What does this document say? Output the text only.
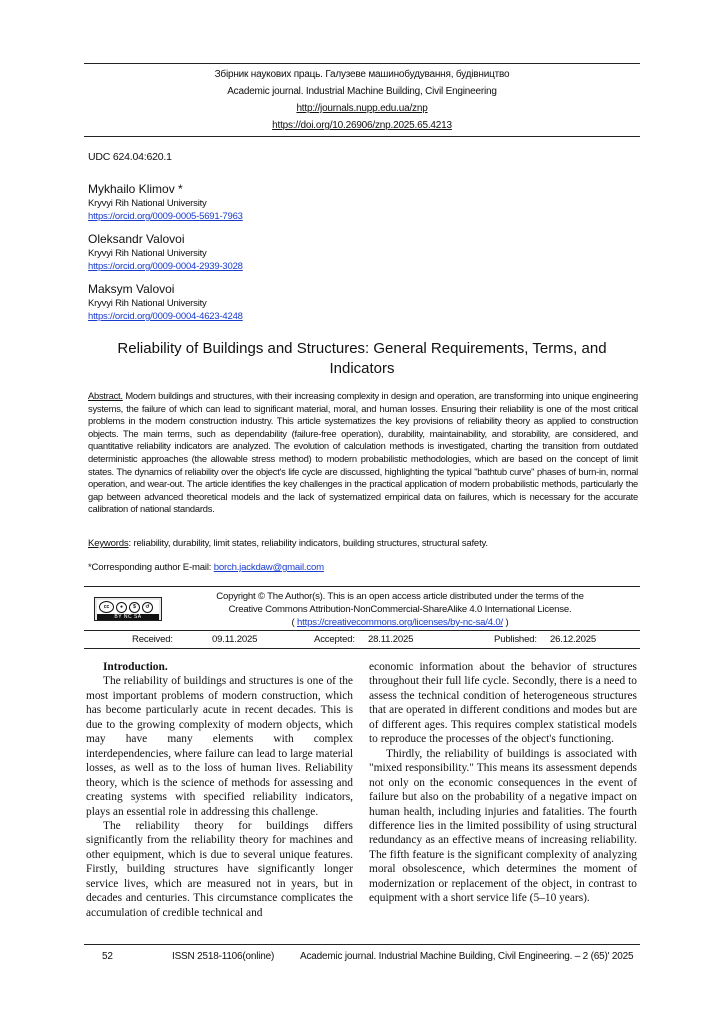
Збірник наукових праць. Галузеве машинобудування, будівництво
Academic journal. Industrial Machine Building, Civil Engineering
http://journals.nupp.edu.ua/znp
https://doi.org/10.26906/znp.2025.65.4213
UDC 624.04:620.1
Mykhailo Klimov *
Kryvyi Rih National University
https://orcid.org/0009-0005-5691-7963
Oleksandr Valovoi
Kryvyi Rih National University
https://orcid.org/0009-0004-2939-3028
Maksym Valovoi
Kryvyi Rih National University
https://orcid.org/0009-0004-4623-4248
Reliability of Buildings and Structures: General Requirements, Terms, and
Indicators
Abstract. Modern buildings and structures, with their increasing complexity in design and operation, are transforming into unique engineering systems, the failure of which can lead to significant material, moral, and human losses. Ensuring their reliability is one of the most critical problems in the modern construction industry. This article systematizes the key provisions of reliability theory as applied to construction objects. The main terms, such as dependability (failure-free operation), durability, maintainability, and storability, are considered, and quantitative reliability indicators are analyzed. The evolution of calculation methods is investigated, charting the transition from outdated deterministic approaches (the allowable stress method) to modern probabilistic methodologies, which are based on the concept of limit states. The dynamics of reliability over the object's life cycle are discussed, highlighting the typical "bathtub curve" phases of burn-in, normal operation, and wear-out. The article identifies the key challenges in the practical application of modern probabilistic methods, particularly the gap between advanced theoretical models and the lack of systematized empirical data on failures, which is necessary for the accurate calibration of national standards.
Keywords: reliability, durability, limit states, reliability indicators, building structures, structural safety.
*Corresponding author E-mail: borch.jackdaw@gmail.com
cc	●	$	↺
BY NC SA
Copyright © The Author(s). This is an open access article distributed under the terms of the
Creative Commons Attribution-NonCommercial-ShareAlike 4.0 International License.
( https://creativecommons.org/licenses/by-nc-sa/4.0/ )
Received:	09.11.2025	Accepted: 28.11.2025	Published: 26.12.2025
Introduction.

The reliability of buildings and structures is one of the most important problems of modern construction, which has become particularly acute in recent decades. This is due to the growing complexity of modern objects, which may have many elements with complex interdependencies, where failure can lead to large material losses, as well as to the loss of human lives. Reliability theory, which is the science of methods for assessing and creating systems with specified reliability indicators, plays an essential role in addressing this challenge.

The reliability theory for buildings differs significantly from the reliability theory for machines and other equipment, which is due to several unique features. Firstly, building structures have significantly longer service lives, which are measured not in years, but in decades and centuries. This circumstance complicates the accumulation of credible technical and

economic information about the behavior of structures throughout their full life cycle. Secondly, there is a need to assess the technical condition of heterogeneous structures that are operated in different conditions and modes but are of different ages. This requires complex statistical models to reproduce the processes of the object's functioning.

Thirdly, the reliability of buildings is associated with "mixed responsibility." This means its assessment depends not only on the economic consequences in the event of failure but also on the probability of a negative impact on human health, including injuries and fatalities. The fourth difference lies in the limited possibility of using structural redundancy as an effective means of increasing reliability. The fifth feature is the significant complexity of analyzing moral obsolescence, which determines the moment of modernization or replacement of the object, in contrast to equipment with a short service life (5–10 years).

52	ISSN 2518-1106(online)	Academic journal. Industrial Machine Building, Civil Engineering. – 2 (65)' 2025
